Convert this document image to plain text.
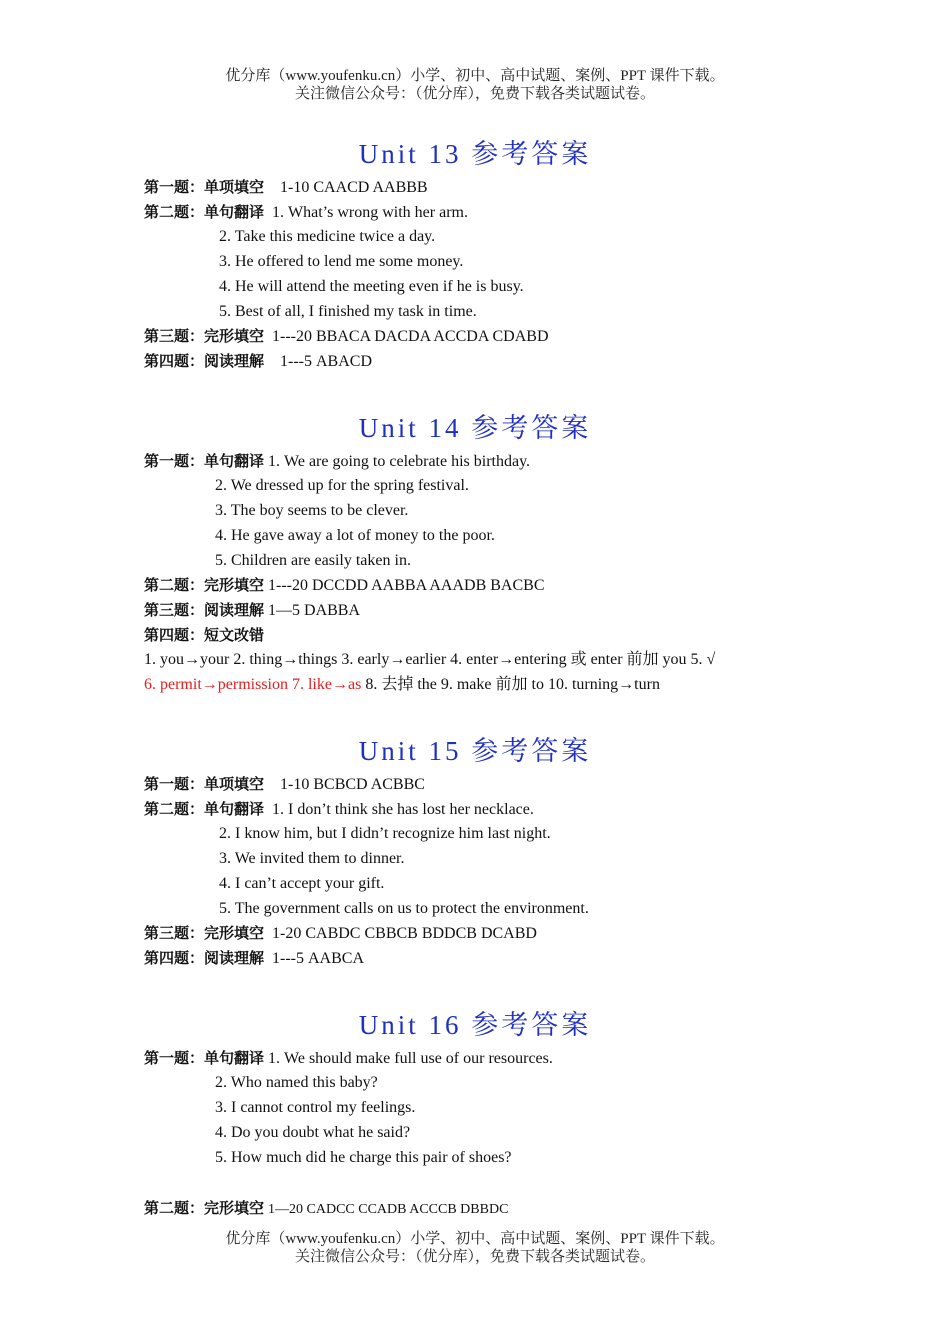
优分库（www.youfenku.cn）小学、初中、高中试题、案例、PPT 课件下载。
关注微信公众号：（优分库），免费下载各类试题试卷。
Unit 13 参考答案
第一题：单项填空 1-10 CAACD AABBB
第二题：单句翻译 1. What’s wrong with her arm.
2. Take this medicine twice a day.
3. He offered to lend me some money.
4. He will attend the meeting even if he is busy.
5. Best of all, I finished my task in time.
第三题：完形填空 1---20 BBACA DACDA ACCDA CDABD
第四题：阅读理解 1---5 ABACD
Unit 14 参考答案
第一题：单句翻译 1. We are going to celebrate his birthday.
2. We dressed up for the spring festival.
3. The boy seems to be clever.
4. He gave away a lot of money to the poor.
5. Children are easily taken in.
第二题：完形填空 1---20 DCCDD AABBA AAADB BACBC
第三题：阅读理解 1—5 DABBA
第四题：短文改错
1. you→your 2. thing→things 3. early→earlier 4. enter→entering 或 enter 前加 you 5. √
6. permit→permission 7. like→as 8. 去掉 the 9. make 前加 to 10. turning→turn
Unit 15 参考答案
第一题：单项填空 1-10 BCBCD ACBBC
第二题：单句翻译 1. I don’t think she has lost her necklace.
2. I know him, but I didn’t recognize him last night.
3. We invited them to dinner.
4. I can’t accept your gift.
5. The government calls on us to protect the environment.
第三题：完形填空 1-20 CABDC CBBCB BDDCB DCABD
第四题：阅读理解 1---5 AABCA
Unit 16 参考答案
第一题：单句翻译 1. We should make full use of our resources.
2. Who named this baby?
3. I cannot control my feelings.
4. Do you doubt what he said?
5. How much did he charge this pair of shoes?
第二题：完形填空 1—20 CADCC CCADB ACCCB DBBDC
优分库（www.youfenku.cn）小学、初中、高中试题、案例、PPT 课件下载。
关注微信公众号：（优分库），免费下载各类试题试卷。
